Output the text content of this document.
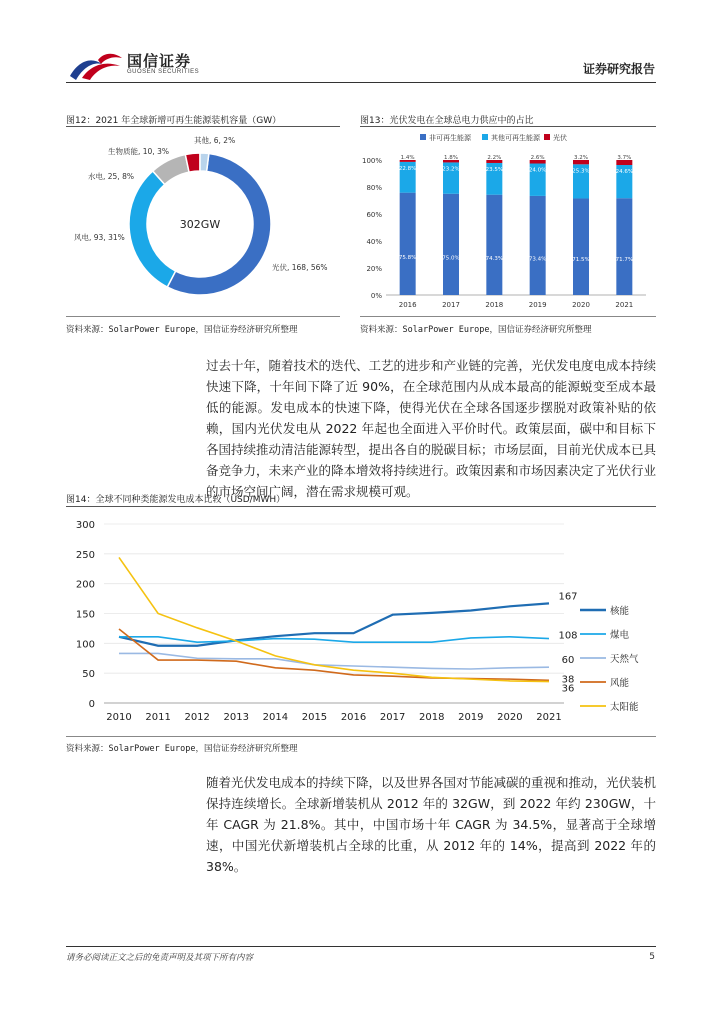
国信证券
GUOSEN SECURITIES	证券研究报告
图12：2021 年全球新增可再生能源装机容量（GW）
光伏, 168, 56%
风电, 93, 31%
水电, 25, 8%
生物质能, 10, 3%
其他, 6, 2%
302GW
资料来源：SolarPower Europe，国信证券经济研究所整理
图13：光伏发电在全球总电力供应中的占比
0%
20%
40%
60%
80%
100%
非可再生能源	其他可再生能源 光伏
75.8%
22.8%
1.4%
2016
75.0%
23.2%
1.8%
2017
74.3%
23.5%
2.2%
2018
73.4%
24.0%
2.6%
2019
71.5%
25.3%
3.2%
2020
71.7%
24.6%
3.7%
2021
资料来源：SolarPower Europe，国信证券经济研究所整理
过去十年，随着技术的迭代、工艺的进步和产业链的完善，光伏发电度电成本持续快速下降，十年间下降了近 90%，在全球范围内从成本最高的能源蜕变至成本最低的能源。发电成本的快速下降，使得光伏在全球各国逐步摆脱对政策补贴的依赖，国内光伏发电从 2022 年起也全面进入平价时代。政策层面，碳中和目标下各国持续推动清洁能源转型，提出各自的脱碳目标；市场层面，目前光伏成本已具备竞争力，未来产业的降本增效将持续进行。政策因素和市场因素决定了光伏行业的市场空间广阔，潜在需求规模可观。
图14：全球不同种类能源发电成本比较（USD/MWH）
0
50
100
150
200
250
300
2010 2011 2012 2013 2014 2015 2016 2017 2018 2019 2020 2021
167
108
60
38
36
核能
煤电
天然气
风能
太阳能
资料来源：SolarPower Europe，国信证券经济研究所整理
随着光伏发电成本的持续下降，以及世界各国对节能减碳的重视和推动，光伏装机保持连续增长。全球新增装机从 2012 年的 32GW，到 2022 年约 230GW，十年 CAGR 为 21.8%。其中，中国市场十年 CAGR 为 34.5%，显著高于全球增速，中国光伏新增装机占全球的比重，从 2012 年的 14%，提高到 2022 年的 38%。
请务必阅读正文之后的免责声明及其项下所有内容	5
